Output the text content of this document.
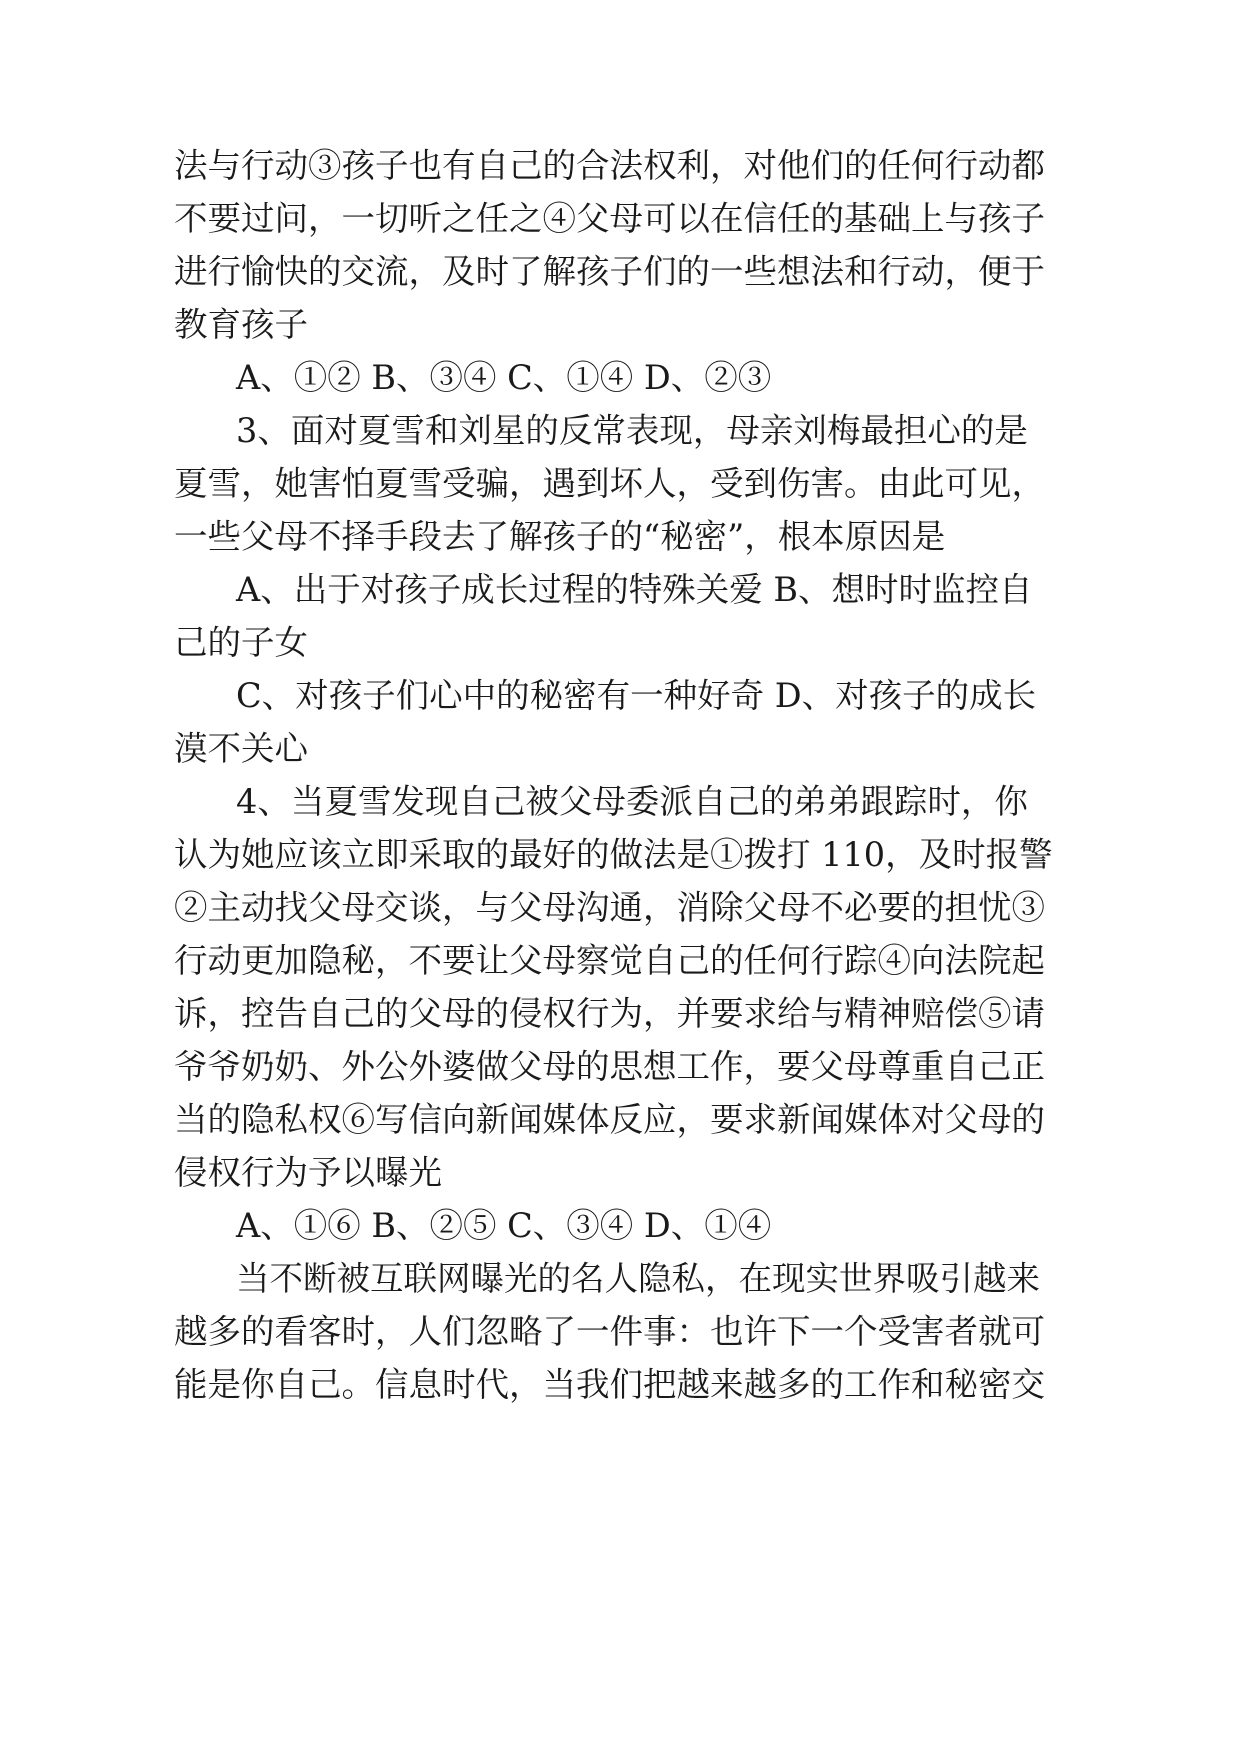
法与行动③孩子也有自己的合法权利，对他们的任何行动都
不要过问，一切听之任之④父母可以在信任的基础上与孩子
进行愉快的交流，及时了解孩子们的一些想法和行动，便于
教育孩子
A、①② B、③④ C、①④ D、②③
3、面对夏雪和刘星的反常表现，母亲刘梅最担心的是
夏雪，她害怕夏雪受骗，遇到坏人，受到伤害。由此可见，
一些父母不择手段去了解孩子的“秘密”，根本原因是
A、出于对孩子成长过程的特殊关爱 B、想时时监控自
己的子女
C、对孩子们心中的秘密有一种好奇 D、对孩子的成长
漠不关心
4、当夏雪发现自己被父母委派自己的弟弟跟踪时，你
认为她应该立即采取的最好的做法是①拨打 110，及时报警
②主动找父母交谈，与父母沟通，消除父母不必要的担忧③
行动更加隐秘，不要让父母察觉自己的任何行踪④向法院起
诉，控告自己的父母的侵权行为，并要求给与精神赔偿⑤请
爷爷奶奶、外公外婆做父母的思想工作，要父母尊重自己正
当的隐私权⑥写信向新闻媒体反应，要求新闻媒体对父母的
侵权行为予以曝光
A、①⑥ B、②⑤ C、③④ D、①④
当不断被互联网曝光的名人隐私，在现实世界吸引越来
越多的看客时，人们忽略了一件事：也许下一个受害者就可
能是你自己。信息时代，当我们把越来越多的工作和秘密交
